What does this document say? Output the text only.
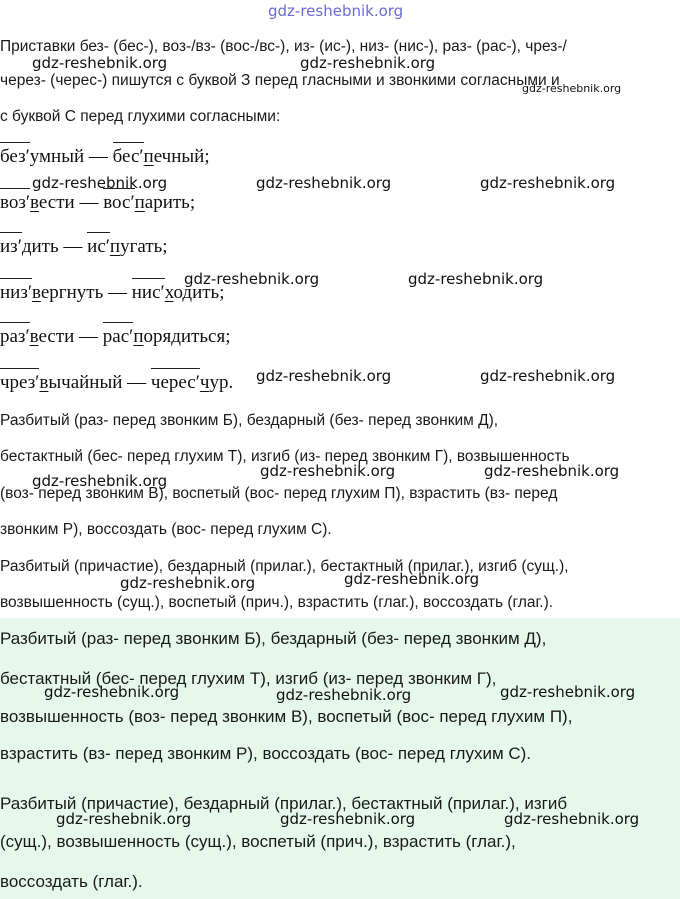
gdz-reshebnik.org
Приставки без- (бес-), воз-/вз- (вос-/вс-), из- (ис-), низ- (нис-), раз- (рас-), чрез-/
через- (черес-) пишутся с буквой З перед гласными и звонкими согласными и
с буквой С перед глухими согласными:
безʹумный —
бесʹпечный;
возʹвести —
восʹпарить;
изʹдить —
исʹпугать;
низʹвергнуть —
нисʹходить;
разʹвести —
расʹпорядиться;
чрезʹвычайный —
чересʹчур.
Разбитый (раз- перед звонким Б), бездарный (без- перед звонким Д),
бестактный (бес- перед глухим Т), изгиб (из- перед звонким Г), возвышенность
(воз- перед звонким В), воспетый (вос- перед глухим П), взрастить (вз- перед
звонким Р), воссоздать (вос- перед глухим С).
Разбитый (причастие), бездарный (прилаг.), бестактный (прилаг.), изгиб (сущ.),
возвышенность (сущ.), воспетый (прич.), взрастить (глаг.), воссоздать (глаг.).
Разбитый (раз- перед звонким Б), бездарный (без- перед звонким Д),
бестактный (бес- перед глухим Т), изгиб (из- перед звонким Г),
возвышенность (воз- перед звонким В), воспетый (вос- перед глухим П),
взрастить (вз- перед звонким Р), воссоздать (вос- перед глухим С).
Разбитый (причастие), бездарный (прилаг.), бестактный (прилаг.), изгиб
(сущ.), возвышенность (сущ.), воспетый (прич.), взрастить (глаг.),
воссоздать (глаг.).
gdz-reshebnik.org	gdz-reshebnik.org
gdz-reshebnik.org
gdz-reshebnik.org	gdz-reshebnik.org	gdz-reshebnik.org
gdz-reshebnik.org	gdz-reshebnik.org
gdz-reshebnik.org	gdz-reshebnik.org
gdz-reshebnik.org
gdz-reshebnik.org	gdz-reshebnik.org
gdz-reshebnik.org	gdz-reshebnik.org
gdz-reshebnik.org	gdz-reshebnik.org	gdz-reshebnik.org
gdz-reshebnik.org	gdz-reshebnik.org	gdz-reshebnik.org
